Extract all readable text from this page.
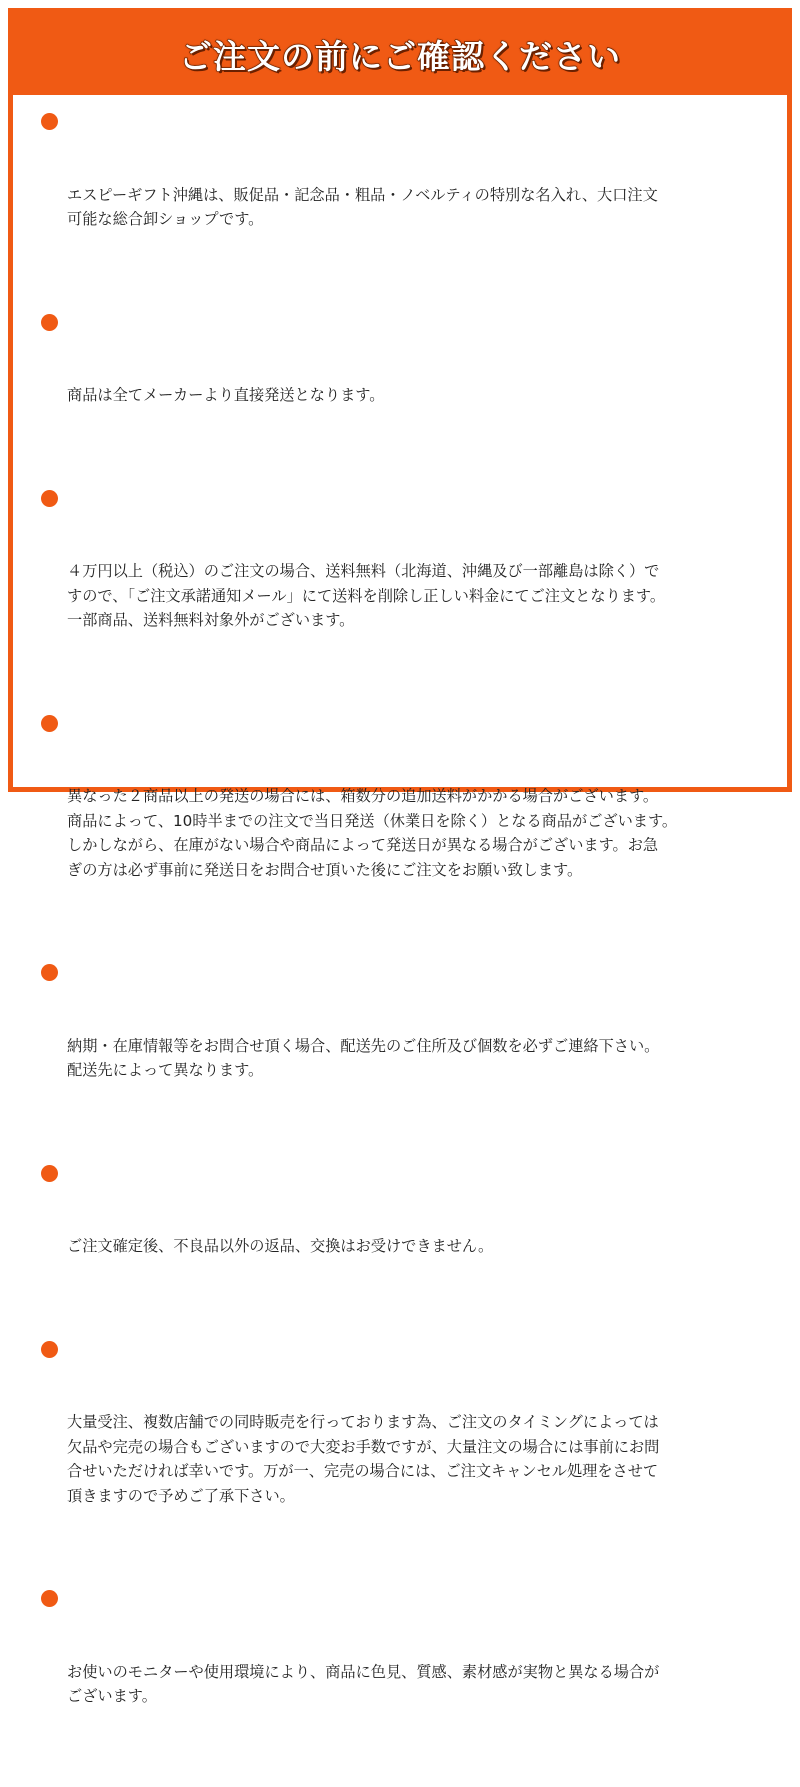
ご注文の前にご確認ください

エスピーギフト沖縄は、販促品・記念品・粗品・ノベルティの特別な名入れ、大口注文
可能な総合卸ショップです。

商品は全てメーカーより直接発送となります。

４万円以上（税込）のご注文の場合、送料無料（北海道、沖縄及び一部離島は除く）で
すので、「ご注文承諾通知メール」にて送料を削除し正しい料金にてご注文となります。
一部商品、送料無料対象外がございます。

異なった２商品以上の発送の場合には、箱数分の追加送料がかかる場合がございます。
商品によって、10時半までの注文で当日発送（休業日を除く）となる商品がございます。
しかしながら、在庫がない場合や商品によって発送日が異なる場合がございます。お急
ぎの方は必ず事前に発送日をお問合せ頂いた後にご注文をお願い致します。

納期・在庫情報等をお問合せ頂く場合、配送先のご住所及び個数を必ずご連絡下さい。
配送先によって異なります。

ご注文確定後、不良品以外の返品、交換はお受けできません。

大量受注、複数店舗での同時販売を行っております為、ご注文のタイミングによっては
欠品や完売の場合もございますので大変お手数ですが、大量注文の場合には事前にお問
合せいただければ幸いです。万が一、完売の場合には、ご注文キャンセル処理をさせて
頂きますので予めご了承下さい。

お使いのモニターや使用環境により、商品に色見、質感、素材感が実物と異なる場合が
ございます。
